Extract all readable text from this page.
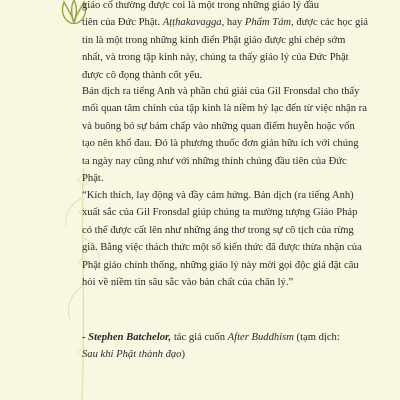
giáo cổ thường được coi là một trong những giáo lý đầu
tiên của Đức Phật. Aṭṭhakavagga, hay Phẩm Tám, được các học giả tin là một trong những kinh điển Phật giáo được ghi chép sớm nhất, và trong tập kinh này, chúng ta thấy giáo lý của Đức Phật được cô đọng thành cốt yếu.

Bản dịch ra tiếng Anh và phần chú giải của Gil Fronsdal cho thấy mối quan tâm chính của tập kinh là niềm hỷ lạc đến từ việc nhận ra và buông bỏ sự bám chấp vào những quan điểm huyễn hoặc vốn tạo nên khổ đau. Đó là phương thuốc đơn giản hữu ích với chúng ta ngày nay cũng như với những thính chúng đầu tiên của Đức Phật.

“Kích thích, lay động và đầy cảm hứng. Bản dịch (ra tiếng Anh) xuất sắc của Gil Fronsdal giúp chúng ta mường tượng Giáo Pháp có thể được cất lên như những áng thơ trong sự cô tịch của rừng già. Bằng việc thách thức một số kiến thức đã được thừa nhận của Phật giáo chính thống, những giáo lý này mời gọi độc giả đặt câu hỏi về niềm tin sâu sắc vào bản chất của chân lý.”

- Stephen Batchelor, tác giả cuốn After Buddhism (tạm dịch:
Sau khi Phật thành đạo)
